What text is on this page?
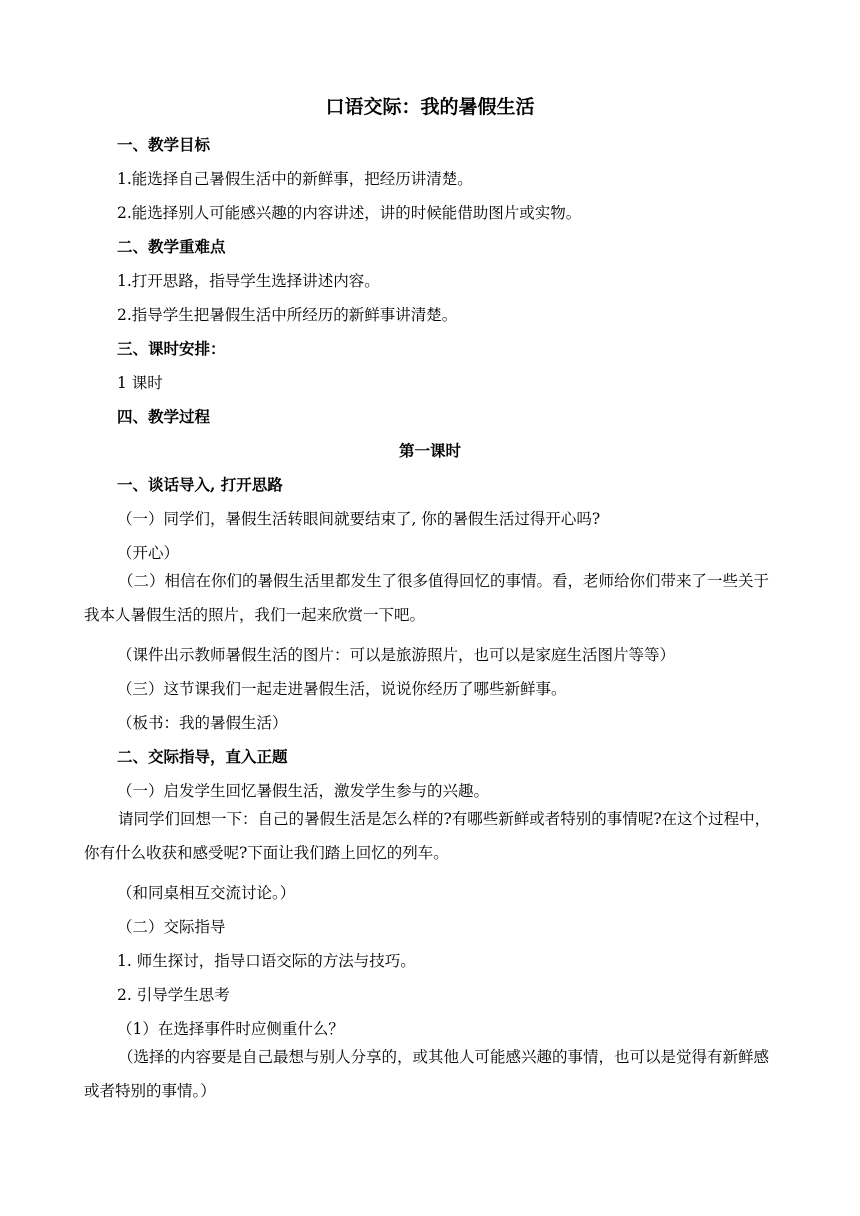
口语交际：我的暑假生活
一、教学目标
1.能选择自己暑假生活中的新鲜事，把经历讲清楚。
2.能选择别人可能感兴趣的内容讲述，讲的时候能借助图片或实物。
二、教学重难点
1.打开思路，指导学生选择讲述内容。
2.指导学生把暑假生活中所经历的新鲜事讲清楚。
三、课时安排：
1 课时
四、教学过程
第一课时
一、谈话导入, 打开思路
（一）同学们，暑假生活转眼间就要结束了, 你的暑假生活过得开心吗?
（开心）
（二）相信在你们的暑假生活里都发生了很多值得回忆的事情。看，老师给你们带来了一些关于我本人暑假生活的照片，我们一起来欣赏一下吧。
（课件出示教师暑假生活的图片：可以是旅游照片，也可以是家庭生活图片等等）
（三）这节课我们一起走进暑假生活，说说你经历了哪些新鲜事。
（板书：我的暑假生活）
二、交际指导，直入正题
（一）启发学生回忆暑假生活，激发学生参与的兴趣。
请同学们回想一下：自己的暑假生活是怎么样的?有哪些新鲜或者特别的事情呢?在这个过程中，你有什么收获和感受呢?下面让我们踏上回忆的列车。
（和同桌相互交流讨论。）
（二）交际指导
1. 师生探讨，指导口语交际的方法与技巧。
2. 引导学生思考
（1）在选择事件时应侧重什么？
（选择的内容要是自己最想与别人分享的，或其他人可能感兴趣的事情，也可以是觉得有新鲜感或者特别的事情。）
